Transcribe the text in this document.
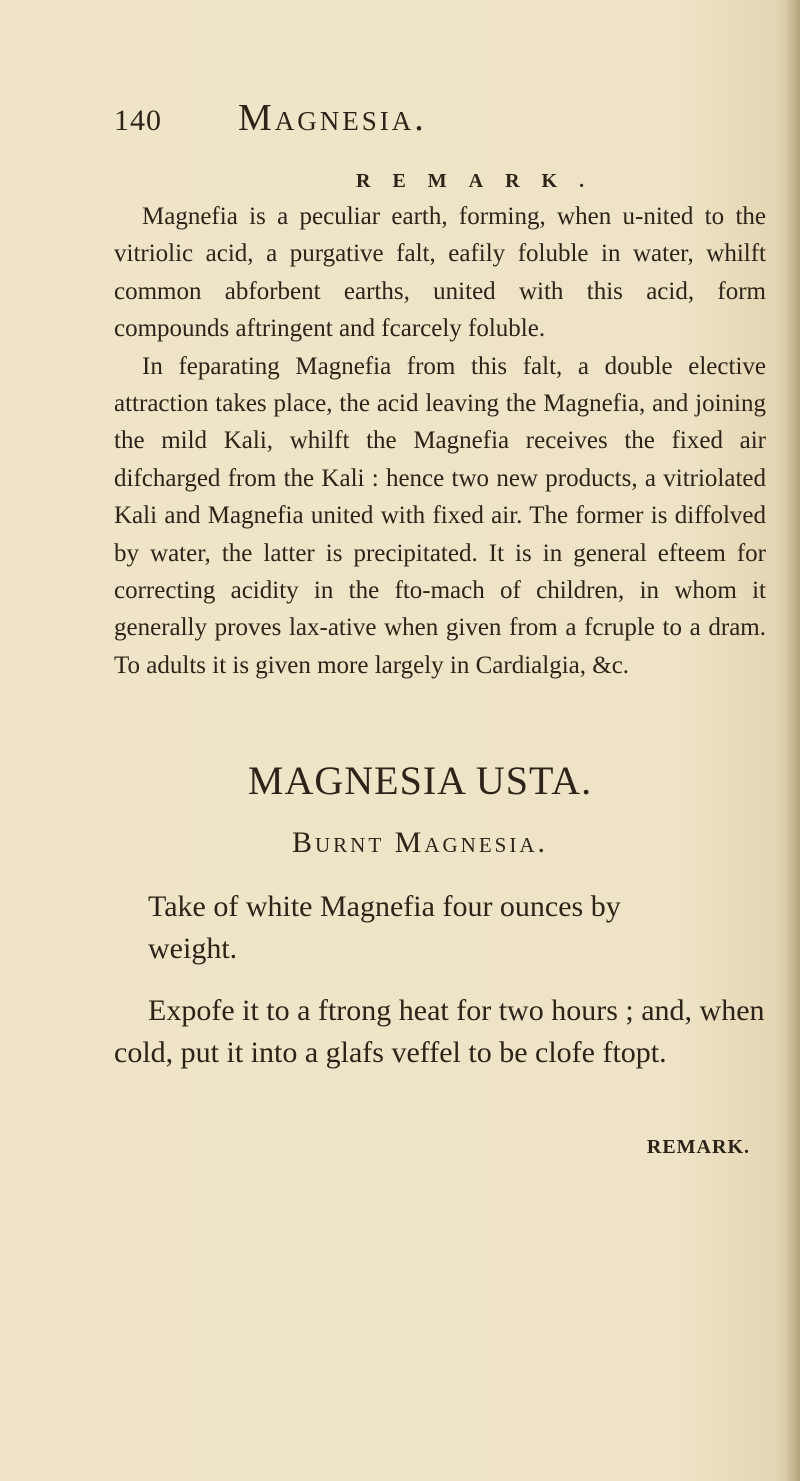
140 Magnesia.
REMARK.

Magnefia is a peculiar earth, forming, when u-nited to the vitriolic acid, a purgative falt, eafily foluble in water, whilft common abforbent earths, united with this acid, form compounds aftringent and fcarcely foluble.

In feparating Magnefia from this falt, a double elective attraction takes place, the acid leaving the Magnefia, and joining the mild Kali, whilft the Magnefia receives the fixed air difcharged from the Kali : hence two new products, a vitriolated Kali and Magnefia united with fixed air. The former is diffolved by water, the latter is precipitated. It is in general efteem for correcting acidity in the fto-mach of children, in whom it generally proves lax-ative when given from a fcruple to a dram. To adults it is given more largely in Cardialgia, &c.

MAGNESIA USTA.
Burnt Magnesia.

Take of white Magnefia four ounces by

weight.

Expofe it to a ftrong heat for two hours ; and, when cold, put it into a glafs veffel to be clofe ftopt.

REMARK.
